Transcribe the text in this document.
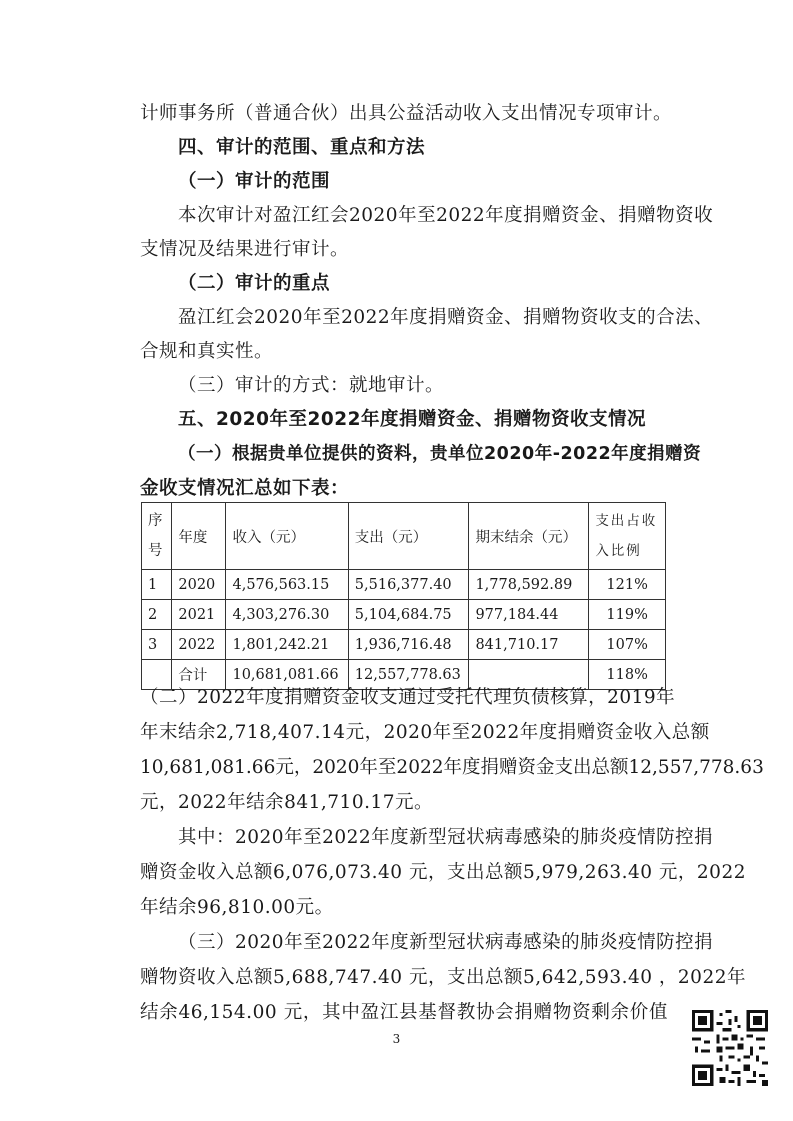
计师事务所（普通合伙）出具公益活动收入支出情况专项审计。
四、审计的范围、重点和方法
（一）审计的范围
本次审计对盈江红会2020年至2022年度捐赠资金、捐赠物资收
支情况及结果进行审计。
（二）审计的重点
盈江红会2020年至2022年度捐赠资金、捐赠物资收支的合法、
合规和真实性。
（三）审计的方式：就地审计。
五、2020年至2022年度捐赠资金、捐赠物资收支情况
（一）根据贵单位提供的资料，贵单位2020年-2022年度捐赠资
金收支情况汇总如下表：
序
号	年度	收入（元）	支出（元）	期末结余（元）	支出占收
入比例
1	2020	4,576,563.15	5,516,377.40	1,778,592.89	121%
2	2021	4,303,276.30	5,104,684.75	977,184.44	119%
3	2022	1,801,242.21	1,936,716.48	841,710.17	107%
	合计	10,681,081.66	12,557,778.63		118%
（二）2022年度捐赠资金收支通过受托代理负债核算，2019年
年末结余2,718,407.14元，2020年至2022年度捐赠资金收入总额
10,681,081.66元，2020年至2022年度捐赠资金支出总额12,557,778.63
元，2022年结余841,710.17元。
其中：2020年至2022年度新型冠状病毒感染的肺炎疫情防控捐
赠资金收入总额6,076,073.40 元，支出总额5,979,263.40 元，2022
年结余96,810.00元。
（三）2020年至2022年度新型冠状病毒感染的肺炎疫情防控捐
赠物资收入总额5,688,747.40 元，支出总额5,642,593.40 ，2022年
结余46,154.00 元，其中盈江县基督教协会捐赠物资剩余价值
3
